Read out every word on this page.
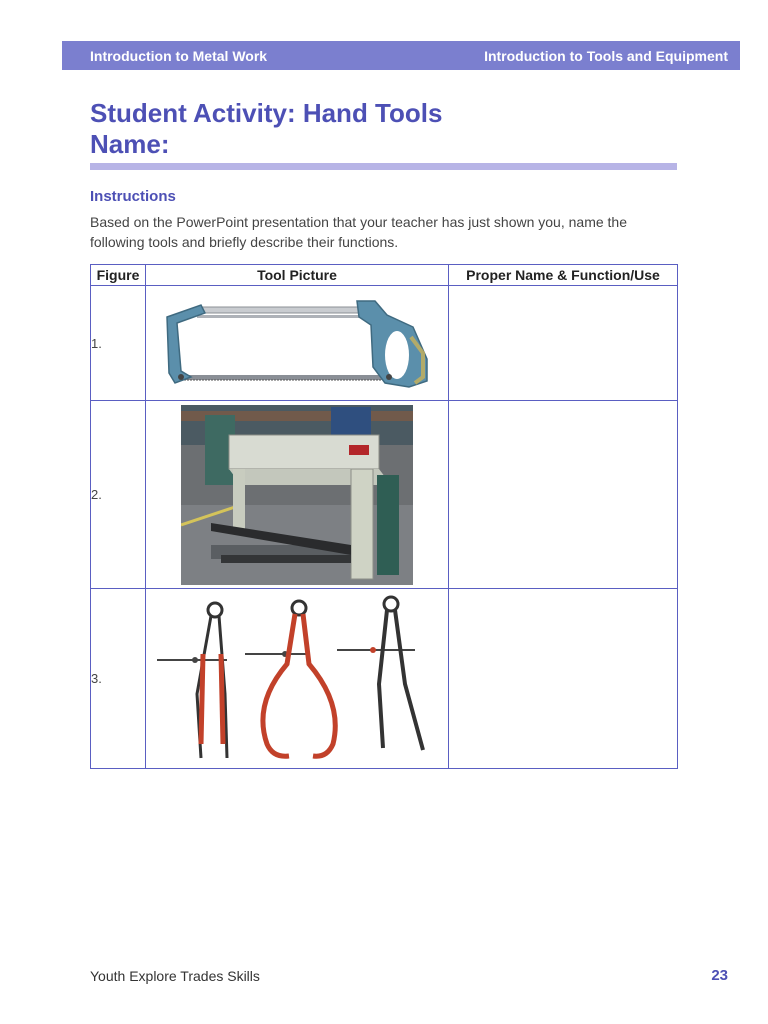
Introduction to Metal Work	Introduction to Tools and Equipment
Student Activity: Hand Tools
Name:
Instructions

Based on the PowerPoint presentation that your teacher has just shown you, name the following tools and briefly describe their functions.

Figure	Tool Picture	Proper Name & Function/Use
1.	

2.	

3.	

Youth Explore Trades Skills	23
